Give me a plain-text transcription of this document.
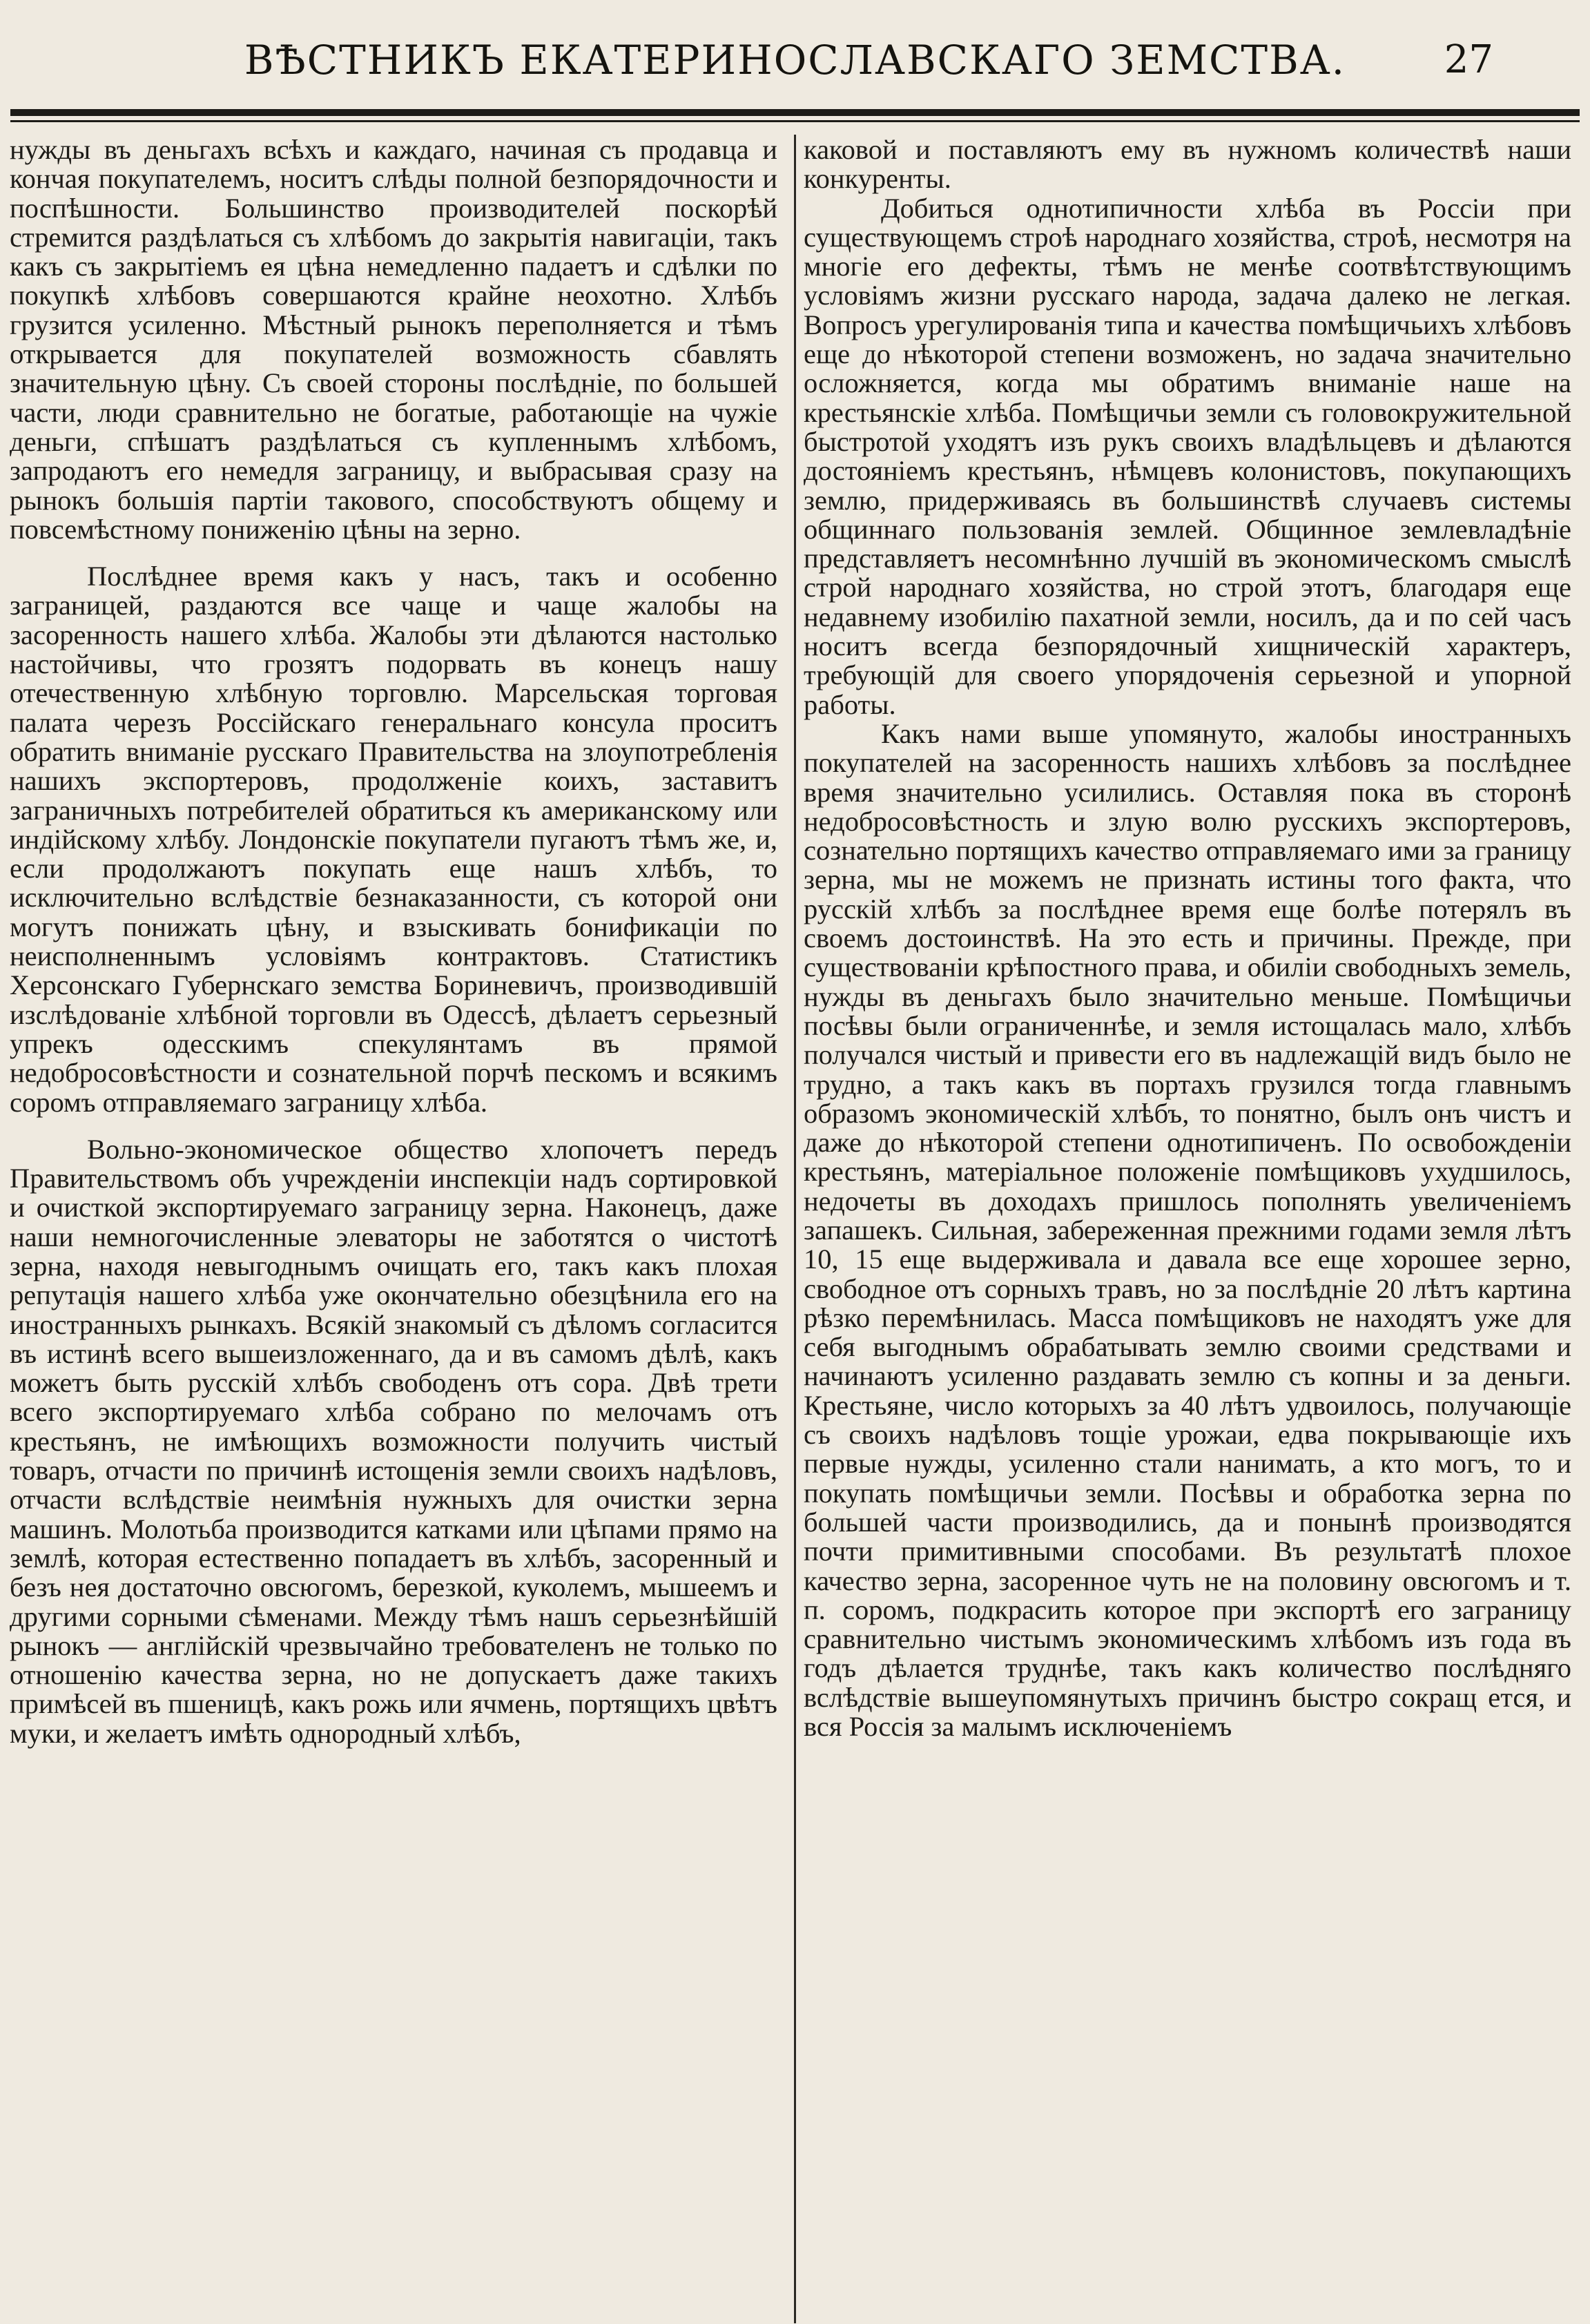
ВѢСТНИКЪ ЕКАТЕРИНОСЛАВСКАГО ЗЕМСТВА.	27

нужды въ деньгахъ всѣхъ и каждаго, начиная съ продавца и кончая покупателемъ, носитъ слѣды полной безпорядочности и поспѣшности. Большинство производителей поскорѣй стремится раздѣлаться съ хлѣбомъ до закрытія навигаціи, такъ какъ съ закрытіемъ ея цѣна немедленно падаетъ и сдѣлки по покупкѣ хлѣбовъ совершаются крайне неохотно. Хлѣбъ грузится усиленно. Мѣстный рынокъ переполняется и тѣмъ открывается для покупателей возможность сбавлять значительную цѣну. Съ своей стороны послѣдніе, по большей части, люди сравнительно не богатые, работающіе на чужіе деньги, спѣшатъ раздѣлаться съ купленнымъ хлѣбомъ, запродаютъ его немедля заграницу, и выбрасывая сразу на рынокъ большія партіи такового, способствуютъ общему и повсемѣстному пониженію цѣны на зерно.

Послѣднее время какъ у насъ, такъ и особенно заграницей, раздаются все чаще и чаще жалобы на засоренность нашего хлѣба. Жалобы эти дѣлаются настолько настойчивы, что грозятъ подорвать въ конецъ нашу отечественную хлѣбную торговлю. Марсельская торговая палата черезъ Россійскаго генеральнаго консула проситъ обратить вниманіе русскаго Правительства на злоупотребленія нашихъ экспортеровъ, продолженіе коихъ, заставитъ заграничныхъ потребителей обратиться къ американскому или индійскому хлѣбу. Лондонскіе покупатели пугаютъ тѣмъ же, и, если продолжаютъ покупать еще нашъ хлѣбъ, то исключительно вслѣдствіе безнаказанности, съ которой они могутъ понижать цѣну, и взыскивать бонификаціи по неисполненнымъ условіямъ контрактовъ. Статистикъ Херсонскаго Губернскаго земства Бориневичъ, производившій изслѣдованіе хлѣбной торговли въ Одессѣ, дѣлаетъ серьезный упрекъ одесскимъ спекулянтамъ въ прямой недобросовѣстности и сознательной порчѣ пескомъ и всякимъ соромъ отправляемаго заграницу хлѣба.

Вольно-экономическое общество хлопочетъ передъ Правительствомъ объ учрежденіи инспекціи надъ сортировкой и очисткой экспортируемаго заграницу зерна. Наконецъ, даже наши немногочисленные элеваторы не заботятся о чистотѣ зерна, находя невыгоднымъ очищать его, такъ какъ плохая репутація нашего хлѣба уже окончательно обезцѣнила его на иностранныхъ рынкахъ. Всякій знакомый съ дѣломъ согласится въ истинѣ всего вышеизложеннаго, да и въ самомъ дѣлѣ, какъ можетъ быть русскій хлѣбъ свободенъ отъ сора. Двѣ трети всего экспортируемаго хлѣба собрано по мелочамъ отъ крестьянъ, не имѣющихъ возможности получить чистый товаръ, отчасти по причинѣ истощенія земли своихъ надѣловъ, отчасти вслѣдствіе неимѣнія нужныхъ для очистки зерна машинъ. Молотьба производится катками или цѣпами прямо на землѣ, которая естественно попадаетъ въ хлѣбъ, засоренный и безъ нея достаточно овсюгомъ, березкой, куколемъ, мышеемъ и другими сорными сѣменами. Между тѣмъ нашъ серьезнѣйшій рынокъ — англійскій чрезвычайно требователенъ не только по отношенію качества зерна, но не допускаетъ даже такихъ примѣсей въ пшеницѣ, какъ рожь или ячмень, портящихъ цвѣтъ муки, и желаетъ имѣть однородный хлѣбъ,

каковой и поставляютъ ему въ нужномъ количествѣ наши конкуренты.

Добиться однотипичности хлѣба въ Россіи при существующемъ строѣ народнаго хозяйства, строѣ, несмотря на многіе его дефекты, тѣмъ не менѣе соотвѣтствующимъ условіямъ жизни русскаго народа, задача далеко не легкая. Вопросъ урегулированія типа и качества помѣщичьихъ хлѣбовъ еще до нѣкоторой степени возможенъ, но задача значительно осложняется, когда мы обратимъ вниманіе наше на крестьянскіе хлѣба. Помѣщичьи земли съ головокружительной быстротой уходятъ изъ рукъ своихъ владѣльцевъ и дѣлаются достояніемъ крестьянъ, нѣмцевъ колонистовъ, покупающихъ землю, придерживаясь въ большинствѣ случаевъ системы общиннаго пользованія землей. Общинное землевладѣніе представляетъ несомнѣнно лучшій въ экономическомъ смыслѣ строй народнаго хозяйства, но строй этотъ, благодаря еще недавнему изобилію пахатной земли, носилъ, да и по сей часъ носитъ всегда безпорядочный хищническій характеръ, требующій для своего упорядоченія серьезной и упорной работы.

Какъ нами выше упомянуто, жалобы иностранныхъ покупателей на засоренность нашихъ хлѣбовъ за послѣднее время значительно усилились. Оставляя пока въ сторонѣ недобросовѣстность и злую волю русскихъ экспортеровъ, сознательно портящихъ качество отправляемаго ими за границу зерна, мы не можемъ не признать истины того факта, что русскій хлѣбъ за послѣднее время еще болѣе потерялъ въ своемъ достоинствѣ. На это есть и причины. Прежде, при существованіи крѣпостного права, и обиліи свободныхъ земель, нужды въ деньгахъ было значительно меньше. Помѣщичьи посѣвы были ограниченнѣе, и земля истощалась мало, хлѣбъ получался чистый и привести его въ надлежащій видъ было не трудно, а такъ какъ въ портахъ грузился тогда главнымъ образомъ экономическій хлѣбъ, то понятно, былъ онъ чистъ и даже до нѣкоторой степени однотипиченъ. По освобожденіи крестьянъ, матеріальное положеніе помѣщиковъ ухудшилось, недочеты въ доходахъ пришлось пополнять увеличеніемъ запашекъ. Сильная, забереженная прежними годами земля лѣтъ 10, 15 еще выдерживала и давала все еще хорошее зерно, свободное отъ сорныхъ травъ, но за послѣдніе 20 лѣтъ картина рѣзко перемѣнилась. Масса помѣщиковъ не находятъ уже для себя выгоднымъ обрабатывать землю своими средствами и начинаютъ усиленно раздавать землю съ копны и за деньги. Крестьяне, число которыхъ за 40 лѣтъ удвоилось, получающіе съ своихъ надѣловъ тощіе урожаи, едва покрывающіе ихъ первые нужды, усиленно стали нанимать, а кто могъ, то и покупать помѣщичьи земли. Посѣвы и обработка зерна по большей части производились, да и понынѣ производятся почти примитивными способами. Въ результатѣ плохое качество зерна, засоренное чуть не на половину овсюгомъ и т. п. соромъ, подкрасить которое при экспортѣ его заграницу сравнительно чистымъ экономическимъ хлѣбомъ изъ года въ годъ дѣлается труднѣе, такъ какъ количество послѣдняго вслѣдствіе вышеупомянутыхъ причинъ быстро сокращ ется, и вся Россія за малымъ исключеніемъ
